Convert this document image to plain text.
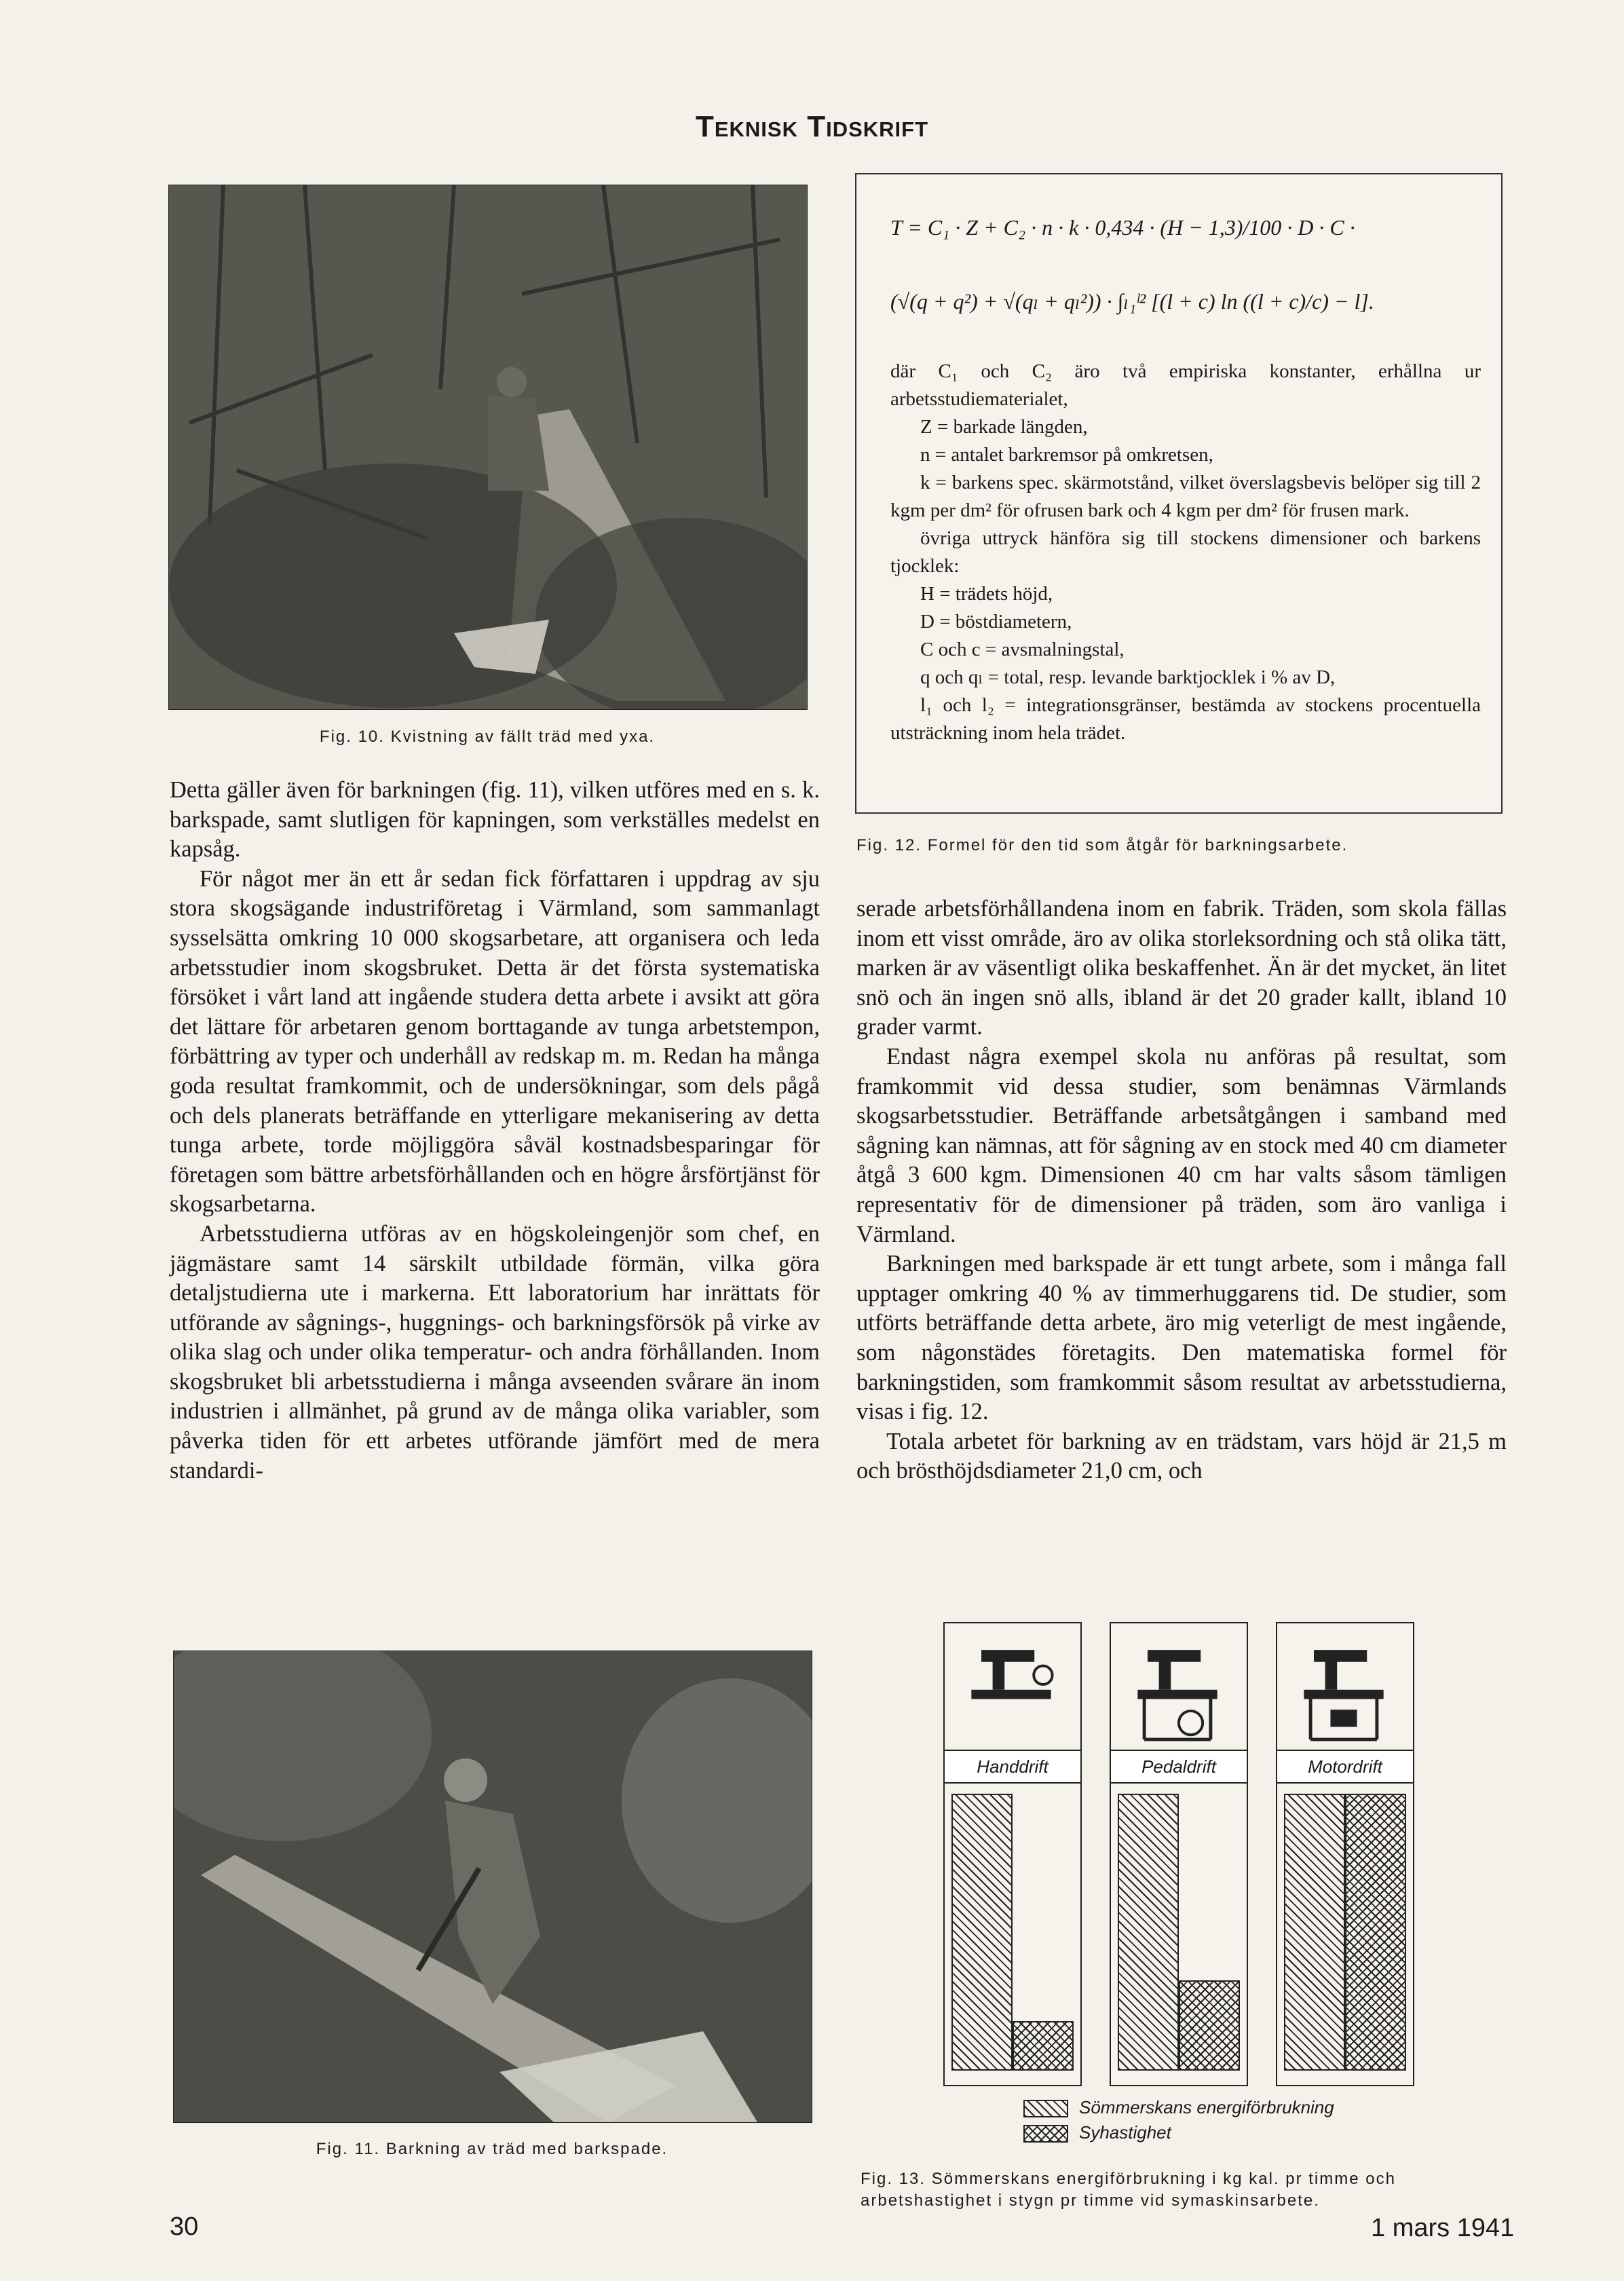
Teknisk Tidskrift
Fig. 10. Kvistning av fällt träd med yxa.

Detta gäller även för barkningen (fig. 11), vilken utföres med en s. k. barkspade, samt slutligen för kapningen, som verkställes medelst en kapsåg.

För något mer än ett år sedan fick författaren i uppdrag av sju stora skogsägande industriföretag i Värmland, som sammanlagt sysselsätta omkring 10 000 skogsarbetare, att organisera och leda arbetsstudier inom skogsbruket. Detta är det första systematiska försöket i vårt land att ingående studera detta arbete i avsikt att göra det lättare för arbetaren genom borttagande av tunga arbetstempon, förbättring av typer och underhåll av redskap m. m. Redan ha många goda resultat framkommit, och de undersökningar, som dels pågå och dels planerats beträffande en ytterligare mekanisering av detta tunga arbete, torde möjliggöra såväl kostnadsbesparingar för företagen som bättre arbetsförhållanden och en högre årsförtjänst för skogsarbetarna.

Arbetsstudierna utföras av en högskoleingenjör som chef, en jägmästare samt 14 särskilt utbildade förmän, vilka göra detaljstudierna ute i markerna. Ett laboratorium har inrättats för utförande av sågnings-, huggnings- och barkningsförsök på virke av olika slag och under olika temperatur- och andra förhållanden. Inom skogsbruket bli arbetsstudierna i många avseenden svårare än inom industrien i allmänhet, på grund av de många olika variabler, som påverka tiden för ett arbetes utförande jämfört med de mera standardi-

T = C₁ · Z + C₂ · n · k · 0,434 · (H − 1,3)/100 · D · C ·
(√(q + q²) + √(qₗ + qₗ²)) · ∫ₗ₁ˡ² [(l + c) ln ((l + c)/c) − l].

där C₁ och C₂ äro två empiriska konstanter, erhållna ur arbetsstudiematerialet,

Z = barkade längden,

n = antalet barkremsor på omkretsen,

k = barkens spec. skärmotstånd, vilket överslagsbevis belöper sig till 2 kgm per dm² för ofrusen bark och 4 kgm per dm² för frusen mark.

övriga uttryck hänföra sig till stockens dimensioner och barkens tjocklek:

H = trädets höjd,

D = böstdiametern,

C och c = avsmalningstal,

q och qₗ = total, resp. levande barktjocklek i % av D,

l₁ och l₂ = integrationsgränser, bestämda av stockens procentuella utsträckning inom hela trädet.

Fig. 12. Formel för den tid som åtgår för barkningsarbete.

serade arbetsförhållandena inom en fabrik. Träden, som skola fällas inom ett visst område, äro av olika storleksordning och stå olika tätt, marken är av väsentligt olika beskaffenhet. Än är det mycket, än litet snö och än ingen snö alls, ibland är det 20 grader kallt, ibland 10 grader varmt.

Endast några exempel skola nu anföras på resultat, som framkommit vid dessa studier, som benämnas Värmlands skogsarbetsstudier. Beträffande arbetsåtgången i samband med sågning kan nämnas, att för sågning av en stock med 40 cm diameter åtgå 3 600 kgm. Dimensionen 40 cm har valts såsom tämligen representativ för de dimensioner på träden, som äro vanliga i Värmland.

Barkningen med barkspade är ett tungt arbete, som i många fall upptager omkring 40 % av timmerhuggarens tid. De studier, som utförts beträffande detta arbete, äro mig veterligt de mest ingående, som någonstädes företagits. Den matematiska formel för barkningstiden, som framkommit såsom resultat av arbetsstudierna, visas i fig. 12.

Totala arbetet för barkning av en trädstam, vars höjd är 21,5 m och brösthöjdsdiameter 21,0 cm, och

Fig. 11. Barkning av träd med barkspade.
Handdrift	Pedaldrift	Motordrift
Sömmerskans energiförbrukning
Syhastighet
Fig. 13. Sömmerskans energiförbrukning i kg kal. pr timme och arbetshastighet i stygn pr timme vid symaskinsarbete.
30	1 mars 1941
